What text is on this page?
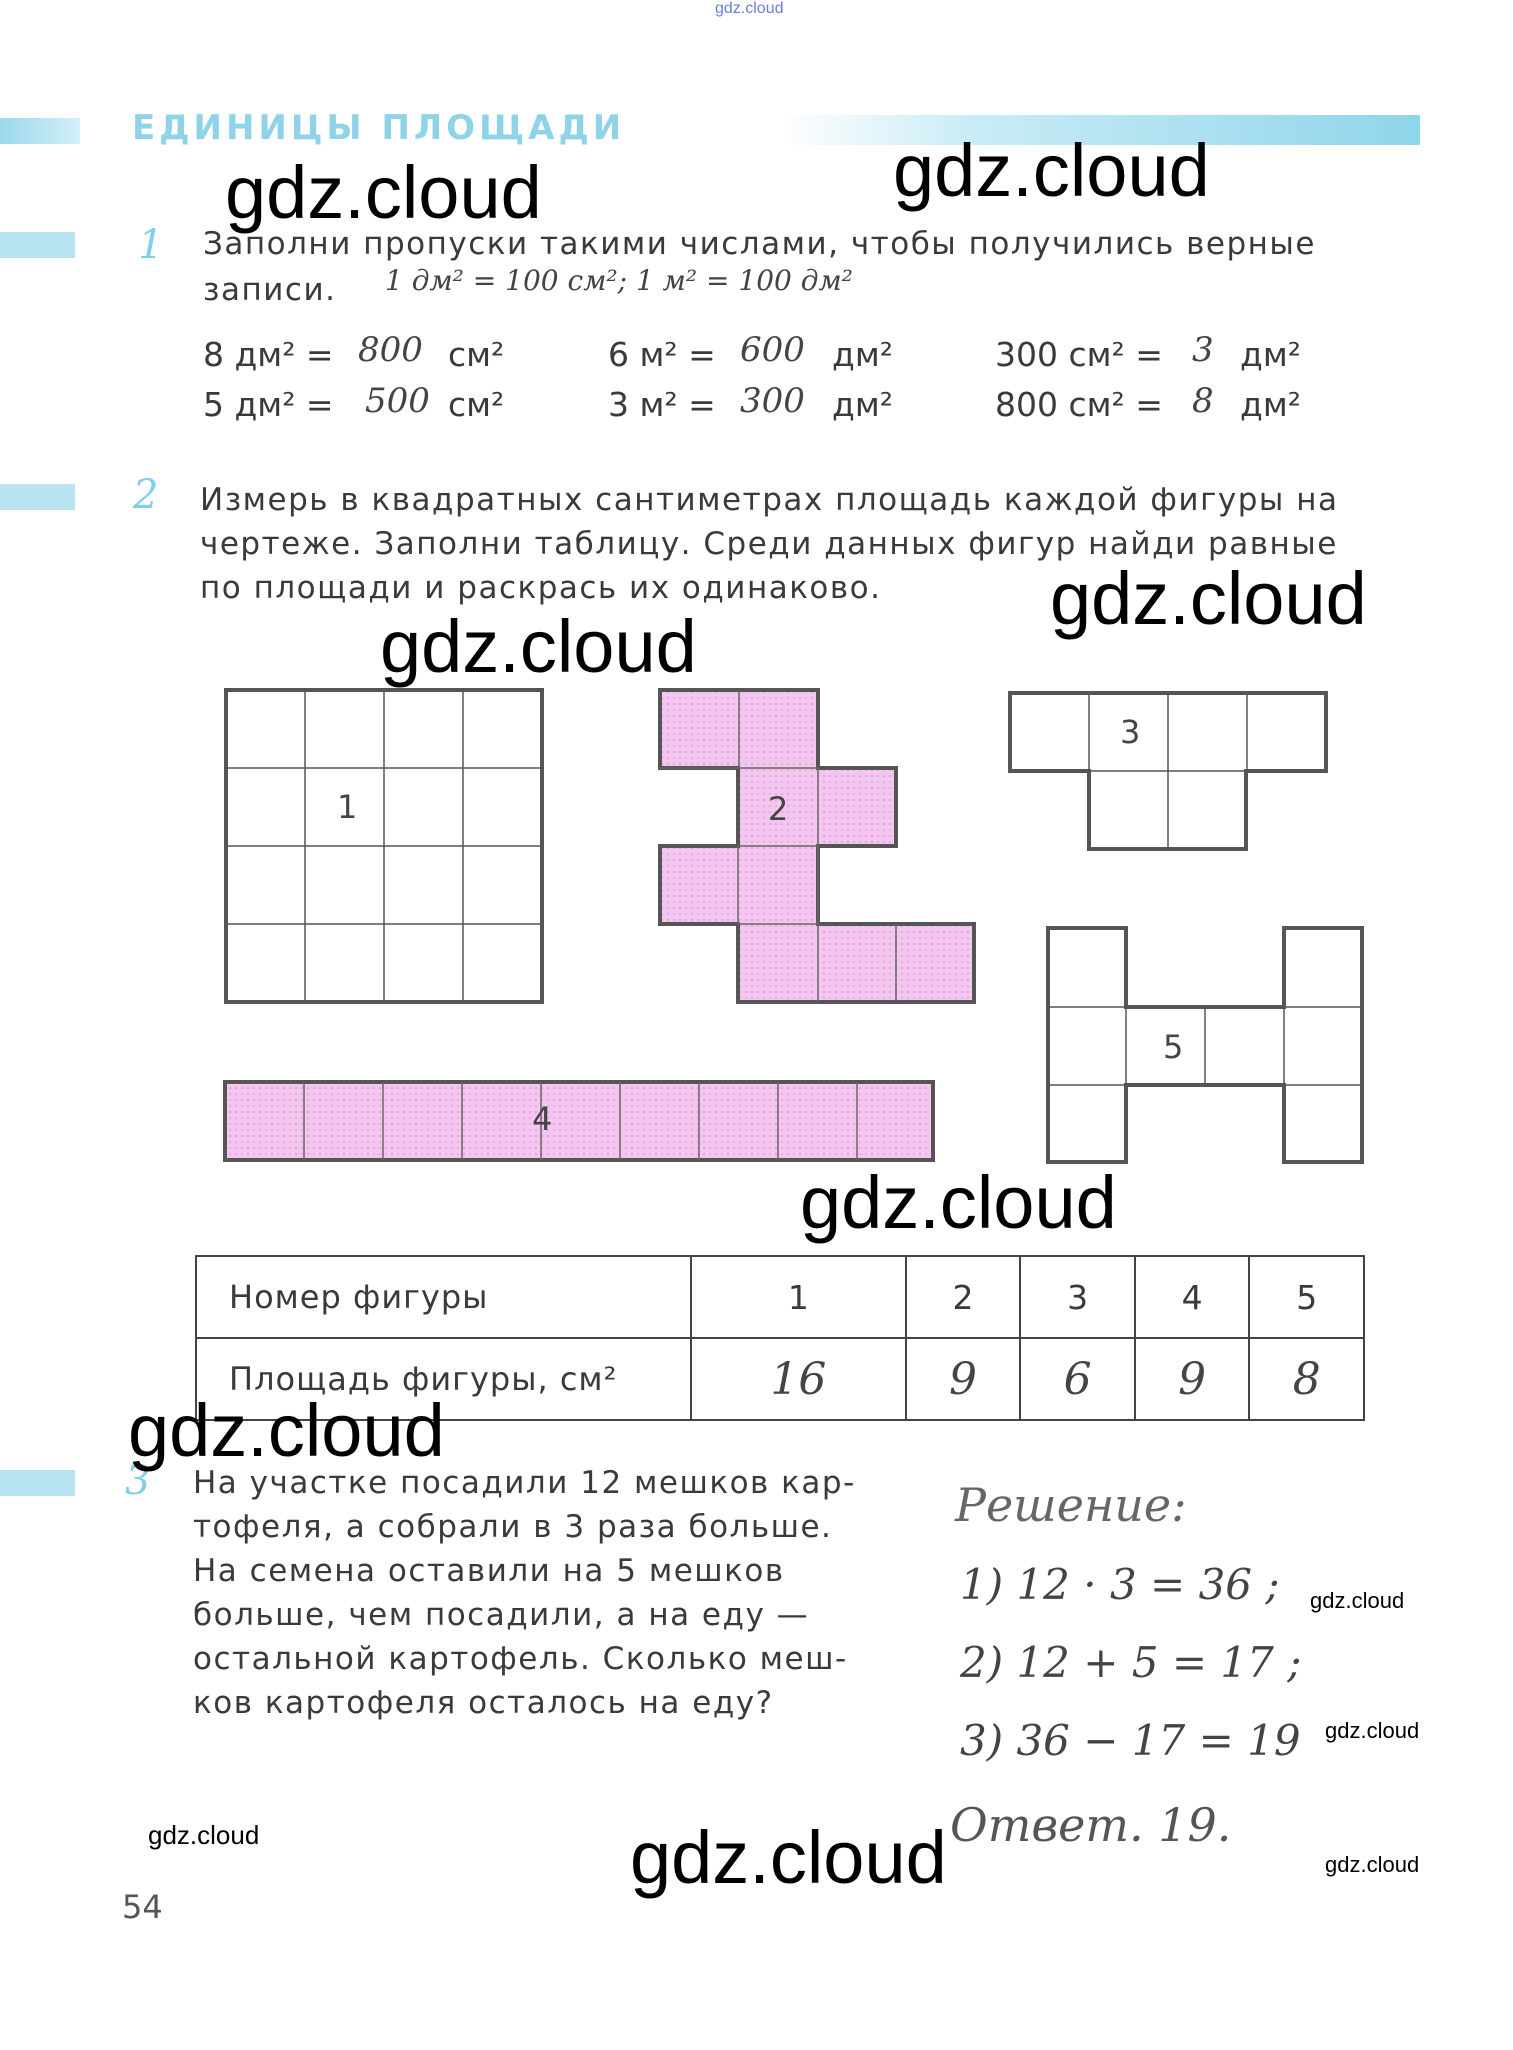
gdz.cloud
ЕДИНИЦЫ ПЛОЩАДИ
1 Заполни пропуски такими числами, чтобы получились верные
записи. 1 дм² = 100 см²; 1 м² = 100 дм²
8 дм² = 800 см²	6 м² = 600 дм²	300 см² = 3 дм²
5 дм² = 500 см²	3 м² = 300 дм²	800 см² = 8 дм²
2 Измерь в квадратных сантиметрах площадь каждой фигуры на
чертеже. Заполни таблицу. Среди данных фигур найди равные
по площади и раскрась их одинаково.
1	2
3
4
5
Номер фигуры	1	2	3	4	5
Площадь фигуры, см²	16	9	6	9	8
3 На участке посадили 12 мешков кар-
тофеля, а собрали в 3 раза больше.
На семена оставили на 5 мешков
больше, чем посадили, а на еду —
остальной картофель. Сколько меш-
ков картофеля осталось на еду?
Решение:
1) 12 · 3 = 36 ;
2) 12 + 5 = 17 ;
3) 36 − 17 = 19
Ответ. 19.
54
gdz.cloud	gdz.cloud
gdz.cloud
gdz.cloud
gdz.cloud
gdz.cloud
gdz.cloud
gdz.cloud
gdz.cloud
gdz.cloud
gdz.cloud
